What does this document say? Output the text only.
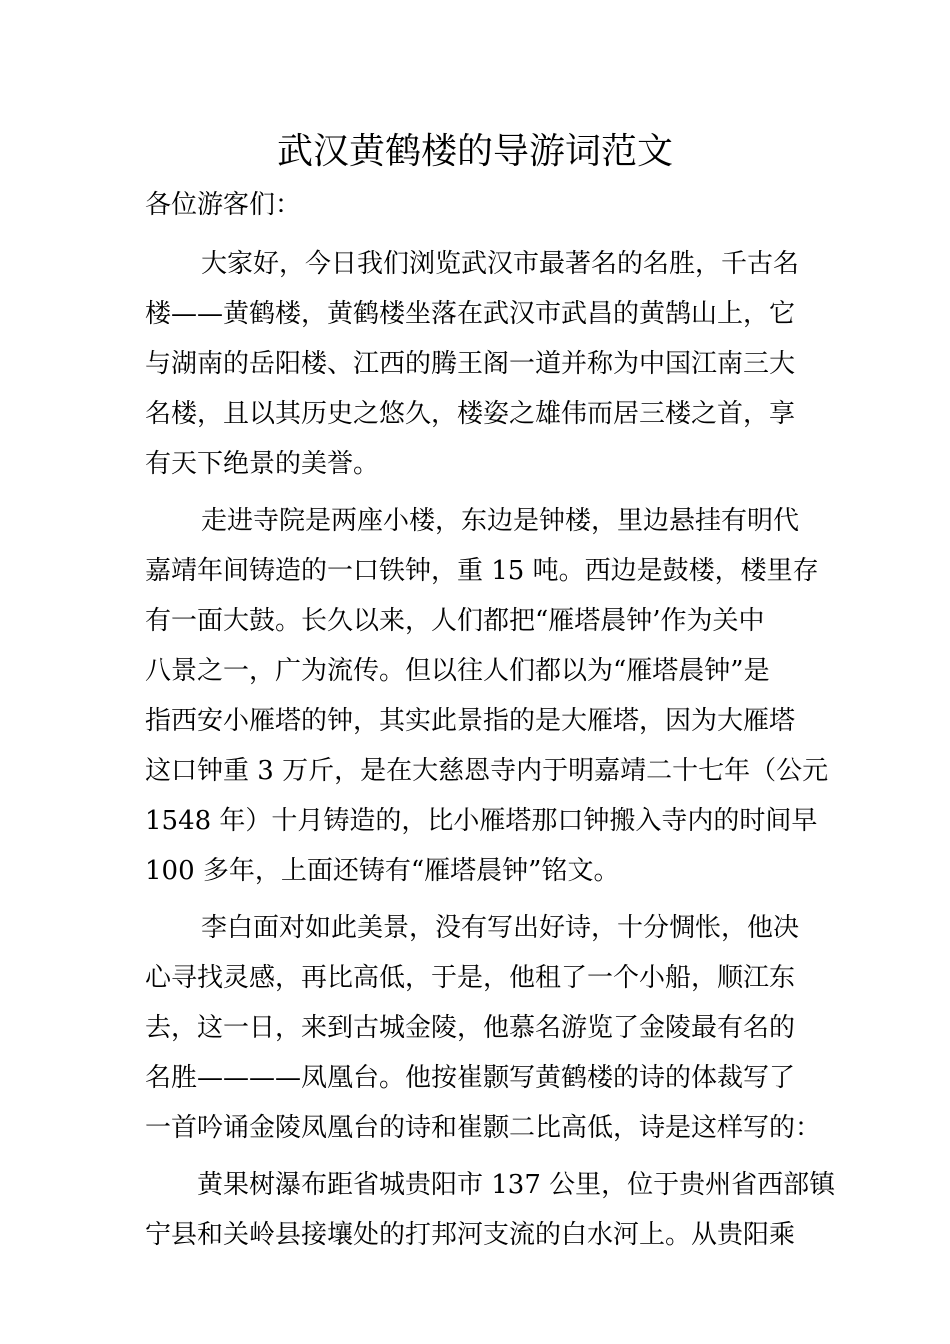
武汉黄鹤楼的导游词范文
各位游客们：
大家好，今日我们浏览武汉市最著名的名胜，千古名
楼——黄鹤楼，黄鹤楼坐落在武汉市武昌的黄鹄山上，它
与湖南的岳阳楼、江西的腾王阁一道并称为中国江南三大
名楼，且以其历史之悠久，楼姿之雄伟而居三楼之首，享
有天下绝景的美誉。
走进寺院是两座小楼，东边是钟楼，里边悬挂有明代
嘉靖年间铸造的一口铁钟，重 15 吨。西边是鼓楼，楼里存
有一面大鼓。长久以来，人们都把“雁塔晨钟’作为关中
八景之一，广为流传。但以往人们都以为“雁塔晨钟”是
指西安小雁塔的钟，其实此景指的是大雁塔，因为大雁塔
这口钟重 3 万斤，是在大慈恩寺内于明嘉靖二十七年（公元
1548 年）十月铸造的，比小雁塔那口钟搬入寺内的时间早
100 多年，上面还铸有“雁塔晨钟”铭文。
李白面对如此美景，没有写出好诗，十分惆怅，他决
心寻找灵感，再比高低，于是，他租了一个小船，顺江东
去，这一日，来到古城金陵，他慕名游览了金陵最有名的
名胜————凤凰台。他按崔颢写黄鹤楼的诗的体裁写了
一首吟诵金陵凤凰台的诗和崔颢二比高低，诗是这样写的：
黄果树瀑布距省城贵阳市 137 公里，位于贵州省西部镇
宁县和关岭县接壤处的打邦河支流的白水河上。从贵阳乘
